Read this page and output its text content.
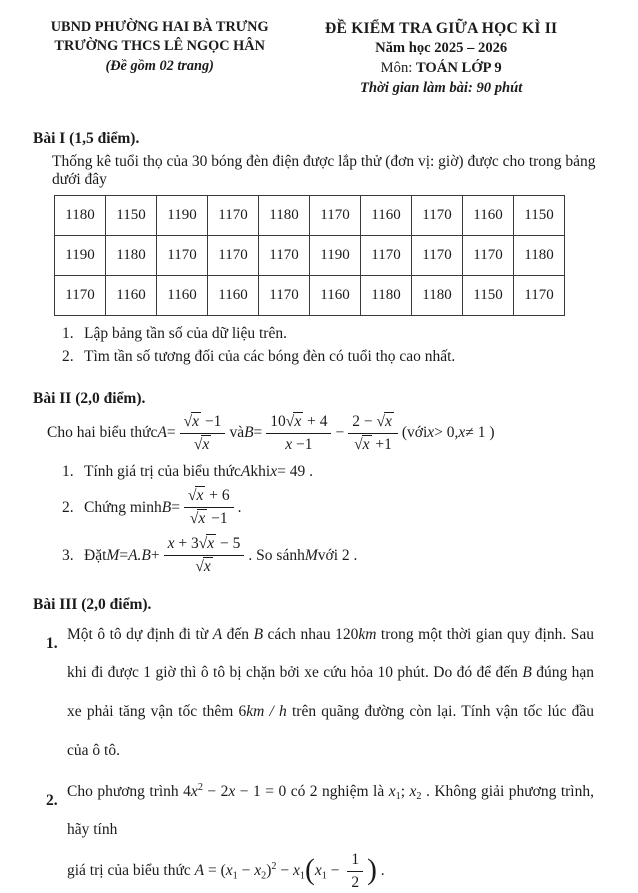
UBND PHƯỜNG HAI BÀ TRƯNG
TRƯỜNG THCS LÊ NGỌC HÂN
(Đề gồm 02 trang)
ĐỀ KIỂM TRA GIỮA HỌC KÌ II
Năm học 2025 – 2026
Môn: TOÁN LỚP 9
Thời gian làm bài: 90 phút
Bài I (1,5 điểm).

Thống kê tuổi thọ của 30 bóng đèn điện được lắp thử (đơn vị: giờ) được cho trong bảng dưới đây

1180	1150	1190	1170	1180	1170	1160	1170	1160	1150
1190	1180	1170	1170	1170	1190	1170	1170	1170	1180
1170	1160	1160	1160	1170	1160	1180	1180	1150	1170
1. Lập bảng tần số của dữ liệu trên.
2. Tìm tần số tương đối của các bóng đèn có tuổi thọ cao nhất.
Bài II (2,0 điểm).

Cho hai biểu thức $A = \frac{√x -1}{√x}$ và $B = \frac{10√x + 4}{x -1} - \frac{2 - √x}{√x +1}$ (với x > 0, x ≠ 1 )

1. Tính giá trị của biểu thức A khi x = 49 .
2. Chứng minh $B = \frac{√x + 6}{√x -1}$ .
3. Đặt $M = A.B + \frac{x + 3√x - 5}{√x}$ . So sánh M với 2 .
Bài III (2,0 điểm).
1.

Một ô tô dự định đi từ A đến B cách nhau 120km trong một thời gian quy định. Sau khi đi được 1 giờ thì ô tô bị chặn bởi xe cứu hỏa 10 phút. Do đó để đến B đúng hạn xe phải tăng vận tốc thêm 6km / h trên quãng đường còn lại. Tính vận tốc lúc đầu của ô tô.

2.

Cho phương trình $4x^2 - 2x - 1 = 0$ có 2 nghiệm là $x_1$; $x_2$ . Không giải phương trình, hãy tính
giá trị của biểu thức $A = (x_1 - x_2)^2 - x_1(x_1 - \frac{1}{2}$ ) .
